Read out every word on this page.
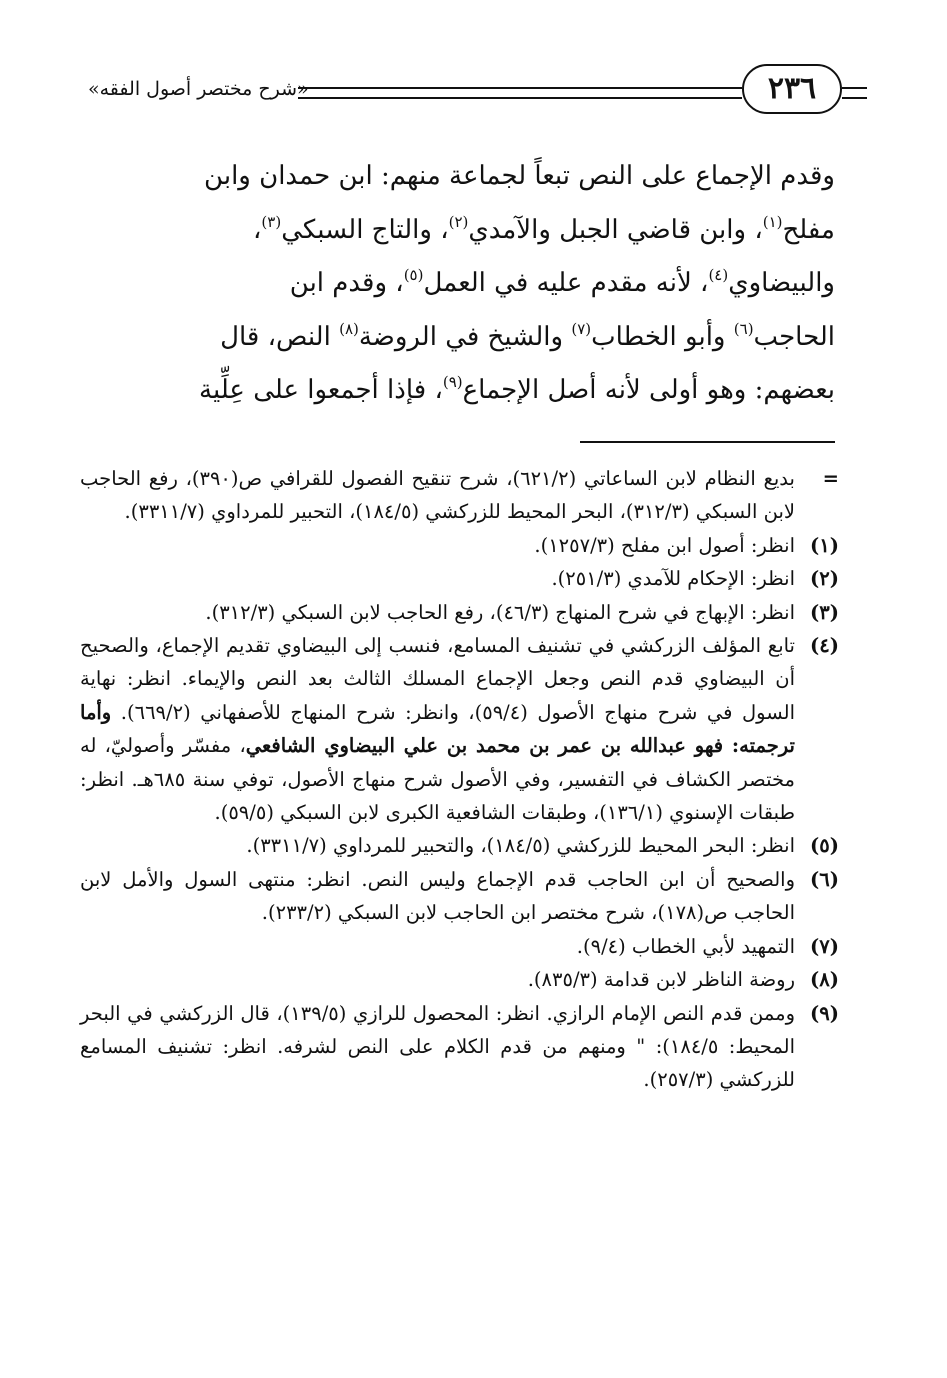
«شرح مختصر أصول الفقه»	٢٣٦

وقدم الإجماع على النص تبعاً لجماعة منهم: ابن حمدان وابن

مفلح$^{(١)}$، وابن قاضي الجبل والآمدي$^{(٢)}$، والتاج السبكي$^{(٣)}$،

والبيضاوي$^{(٤)}$، لأنه مقدم عليه في العمل$^{(٥)}$، وقدم ابن

الحاجب$^{(٦)}$ وأبو الخطاب$^{(٧)}$ والشيخ في الروضة$^{(٨)}$ النص، قال

بعضهم: وهو أولى لأنه أصل الإجماع$^{(٩)}$، فإذا أجمعوا على عِلِّية

=
بديع النظام لابن الساعاتي (٦٢١/٢)، شرح تنقيح الفصول للقرافي ص(٣٩٠)، رفع الحاجب لابن السبكي (٣١٢/٣)، البحر المحيط للزركشي (١٨٤/٥)، التحبير للمرداوي (٣٣١١/٧).
(١)
انظر: أصول ابن مفلح (١٢٥٧/٣).
(٢)
انظر: الإحكام للآمدي (٢٥١/٣).
(٣)
انظر: الإبهاج في شرح المنهاج (٤٦/٣)، رفع الحاجب لابن السبكي (٣١٢/٣).
(٤)
تابع المؤلف الزركشي في تشنيف المسامع، فنسب إلى البيضاوي تقديم الإجماع، والصحيح أن البيضاوي قدم النص وجعل الإجماع المسلك الثالث بعد النص والإيماء. انظر: نهاية السول في شرح منهاج الأصول (٥٩/٤)، وانظر: شرح المنهاج للأصفهاني (٦٦٩/٢). وأما ترجمته: فهو عبدالله بن عمر بن محمد بن علي البيضاوي الشافعي، مفسّر وأصوليّ، له مختصر الكشاف في التفسير، وفي الأصول شرح منهاج الأصول، توفي سنة ٦٨٥هـ. انظر: طبقات الإسنوي (١٣٦/١)، وطبقات الشافعية الكبرى لابن السبكي (٥٩/٥).
(٥)
انظر: البحر المحيط للزركشي (١٨٤/٥)، والتحبير للمرداوي (٣٣١١/٧).
(٦)
والصحيح أن ابن الحاجب قدم الإجماع وليس النص. انظر: منتهى السول والأمل لابن الحاجب ص(١٧٨)، شرح مختصر ابن الحاجب لابن السبكي (٢٣٣/٢).
(٧)
التمهيد لأبي الخطاب (٩/٤).
(٨)
روضة الناظر لابن قدامة (٨٣٥/٣).
(٩)
وممن قدم النص الإمام الرازي. انظر: المحصول للرازي (١٣٩/٥)، قال الزركشي في البحر المحيط: ١٨٤/٥): " ومنهم من قدم الكلام على النص لشرفه. انظر: تشنيف المسامع للزركشي (٢٥٧/٣).
